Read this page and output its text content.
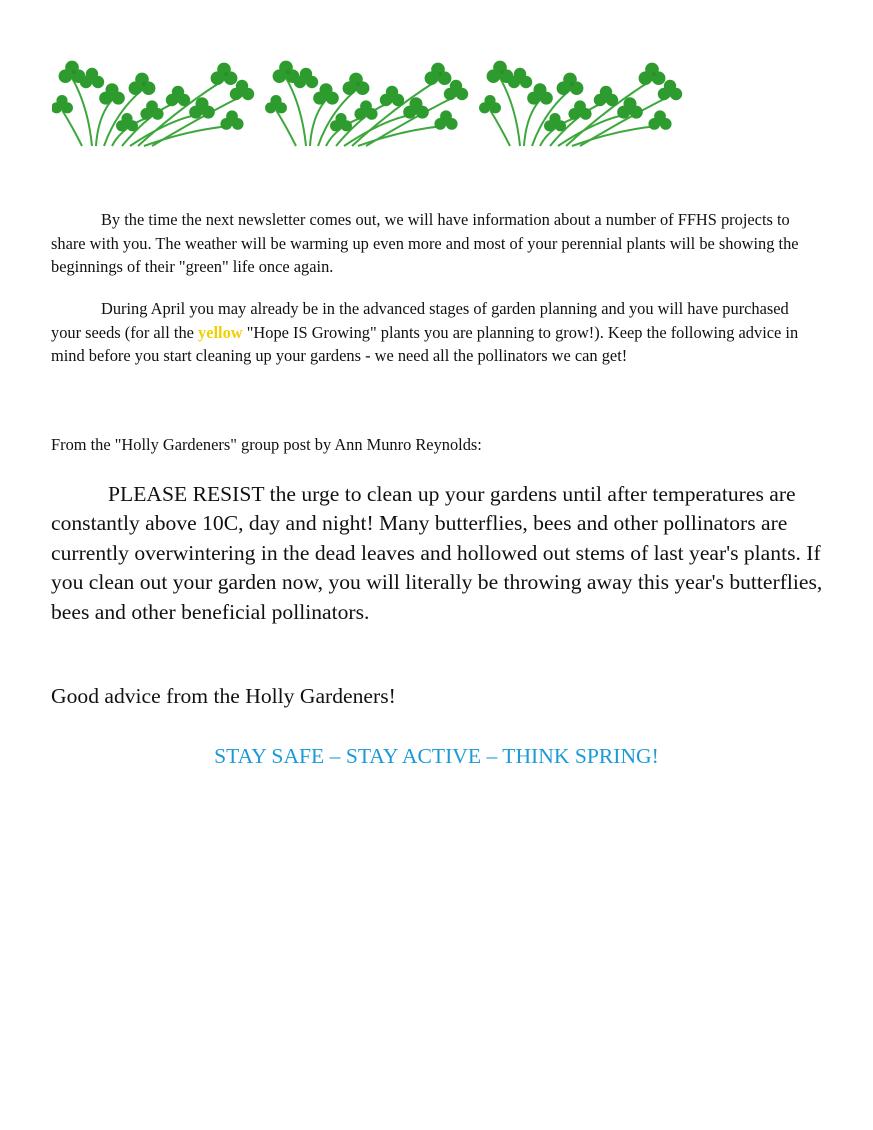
By the time the next newsletter comes out, we will have information about a number of FFHS projects to share with you. The weather will be warming up even more and most of your perennial plants will be showing the beginnings of their "green" life once again.

During April you may already be in the advanced stages of garden planning and you will have purchased your seeds (for all the yellow "Hope IS Growing" plants you are planning to grow!). Keep the following advice in mind before you start cleaning up your gardens - we need all the pollinators we can get!

From the "Holly Gardeners" group post by Ann Munro Reynolds:

PLEASE RESIST the urge to clean up your gardens until after temperatures are constantly above 10C, day and night! Many butterflies, bees and other pollinators are currently overwintering in the dead leaves and hollowed out stems of last year's plants. If you clean out your garden now, you will literally be throwing away this year's butterflies, bees and other beneficial pollinators.

Good advice from the Holly Gardeners!

STAY SAFE – STAY ACTIVE – THINK SPRING!
